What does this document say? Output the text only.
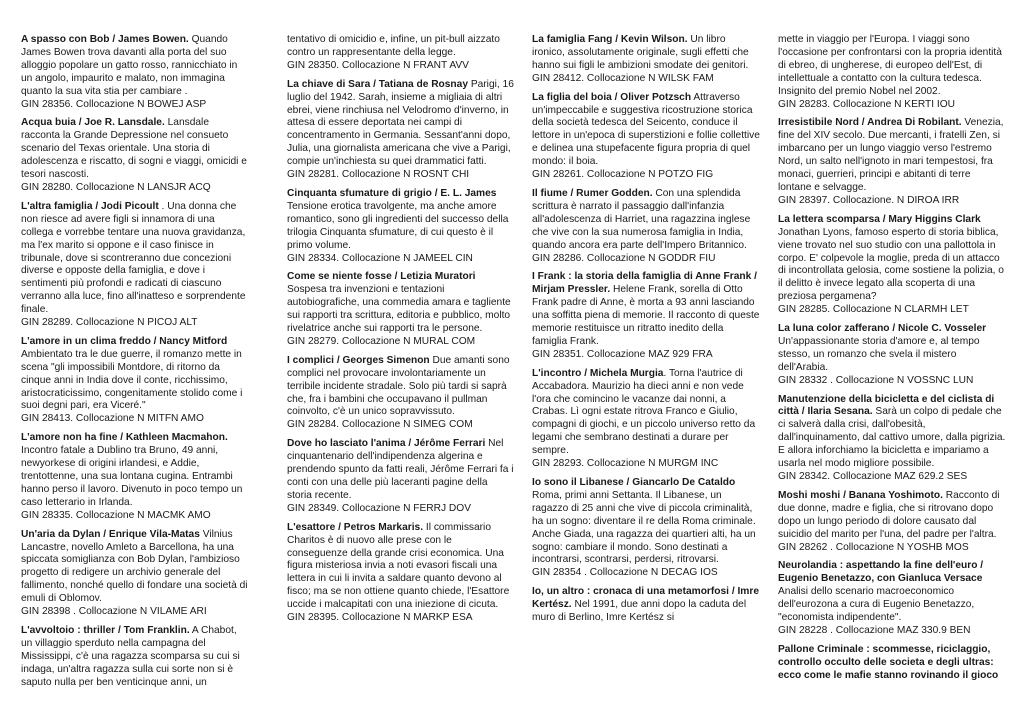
A spasso con Bob / James Bowen. Quando James Bowen trova davanti alla porta del suo alloggio popolare un gatto rosso, rannicchiato in un angolo, impaurito e malato, non immagina quanto la sua vita stia per cambiare .
GIN 28356. Collocazione N BOWEJ ASP
Acqua buia / Joe R. Lansdale. Lansdale racconta la Grande Depressione nel consueto scenario del Texas orientale. Una storia di adolescenza e riscatto, di sogni e viaggi, omicidi e tesori nascosti.
GIN 28280. Collocazione N LANSJR ACQ
L'altra famiglia / Jodi Picoult . Una donna che non riesce ad avere figli si innamora di una collega e vorrebbe tentare una nuova gravidanza, ma l'ex marito si oppone e il caso finisce in tribunale, dove si scontreranno due concezioni diverse e opposte della famiglia, e dove i sentimenti più profondi e radicati di ciascuno verranno alla luce, fino all'inatteso e sorprendente finale.
GIN 28289. Collocazione N PICOJ ALT
L'amore in un clima freddo / Nancy Mitford Ambientato tra le due guerre, il romanzo mette in scena "gli impossibili Montdore, di ritorno da cinque anni in India dove il conte, ricchissimo, aristocraticissimo, congenitamente stolido come i suoi degni pari, era Viceré."
GIN 28413. Collocazione N MITFN AMO
L'amore non ha fine / Kathleen Macmahon. Incontro fatale a Dublino tra Bruno, 49 anni, newyorkese di origini irlandesi, e Addie, trentottenne, una sua lontana cugina. Entrambi hanno perso il lavoro. Divenuto in poco tempo un caso letterario in Irlanda.
GIN 28335. Collocazione N MACMK AMO
Un'aria da Dylan / Enrique Vila-Matas Vilnius Lancastre, novello Amleto a Barcellona, ha una spiccata somiglianza con Bob Dylan, l'ambizioso progetto di redigere un archivio generale del fallimento, nonché quello di fondare una società di emuli di Oblomov.
GIN 28398 . Collocazione N VILAME ARI
L'avvoltoio : thriller / Tom Franklin. A Chabot, un villaggio sperduto nella campagna del Mississippi, c'è una ragazza scomparsa su cui si indaga, un'altra ragazza sulla cui sorte non si è saputo nulla per ben venticinque anni, un
tentativo di omicidio e, infine, un pit-bull aizzato contro un rappresentante della legge.
GIN 28350. Collocazione N FRANT AVV
La chiave di Sara / Tatiana de Rosnay Parigi, 16 luglio del 1942. Sarah, insieme a migliaia di altri ebrei, viene rinchiusa nel Velodromo d'inverno, in attesa di essere deportata nei campi di concentramento in Germania. Sessant'anni dopo, Julia, una giornalista americana che vive a Parigi, compie un'inchiesta su quei drammatici fatti.
GIN 28281. Collocazione N ROSNT CHI
Cinquanta sfumature di grigio / E. L. James Tensione erotica travolgente, ma anche amore romantico, sono gli ingredienti del successo della trilogia Cinquanta sfumature, di cui questo è il primo volume.
GIN 28334. Collocazione N JAMEEL CIN
Come se niente fosse / Letizia Muratori Sospesa tra invenzioni e tentazioni autobiografiche, una commedia amara e tagliente sui rapporti tra scrittura, editoria e pubblico, molto rivelatrice anche sui rapporti tra le persone.
GIN 28279. Collocazione N MURAL COM
I complici / Georges Simenon Due amanti sono complici nel provocare involontariamente un terribile incidente stradale. Solo più tardi si saprà che, fra i bambini che occupavano il pullman coinvolto, c'è un unico sopravvissuto.
GIN 28284. Collocazione N SIMEG COM
Dove ho lasciato l'anima / Jérôme Ferrari Nel cinquantenario dell'indipendenza algerina e prendendo spunto da fatti reali, Jérôme Ferrari fa i conti con una delle più laceranti pagine della storia recente.
GIN 28349. Collocazione N FERRJ DOV
L'esattore / Petros Markaris. Il commissario Charitos è di nuovo alle prese con le conseguenze della grande crisi economica. Una figura misteriosa invia a noti evasori fiscali una lettera in cui li invita a saldare quanto devono al fisco; ma se non ottiene quanto chiede, l'Esattore uccide i malcapitati con una iniezione di cicuta.
GIN 28395. Collocazione N MARKP ESA
La famiglia Fang / Kevin Wilson. Un libro ironico, assolutamente originale, sugli effetti che hanno sui figli le ambizioni smodate dei genitori.
GIN 28412. Collocazione N WILSK FAM
La figlia del boia / Oliver Potzsch Attraverso un'impeccabile e suggestiva ricostruzione storica della società tedesca del Seicento, conduce il lettore in un'epoca di superstizioni e follie collettive e delinea una stupefacente figura propria di quel mondo: il boia.
GIN 28261. Collocazione N POTZO FIG
Il fiume / Rumer Godden. Con una splendida scrittura è narrato il passaggio dall'infanzia all'adolescenza di Harriet, una ragazzina inglese che vive con la sua numerosa famiglia in India, quando ancora era parte dell'Impero Britannico.
GIN 28286. Collocazione N GODDR FIU
I Frank : la storia della famiglia di Anne Frank / Mirjam Pressler. Helene Frank, sorella di Otto Frank padre di Anne, è morta a 93 anni lasciando una soffitta piena di memorie. Il racconto di queste memorie restituisce un ritratto inedito della famiglia Frank.
GIN 28351. Collocazione MAZ 929 FRA
L'incontro / Michela Murgia. Torna l'autrice di Accabadora. Maurizio ha dieci anni e non vede l'ora che comincino le vacanze dai nonni, a Crabas. Lì ogni estate ritrova Franco e Giulio, compagni di giochi, e un piccolo universo retto da legami che sembrano destinati a durare per sempre.
GIN 28293. Collocazione N MURGM INC
Io sono il Libanese / Giancarlo De Cataldo Roma, primi anni Settanta. Il Libanese, un ragazzo di 25 anni che vive di piccola criminalità, ha un sogno: diventare il re della Roma criminale. Anche Giada, una ragazza dei quartieri alti, ha un sogno: cambiare il mondo. Sono destinati a incontrarsi, scontrarsi, perdersi, ritrovarsi.
GIN 28354 . Collocazione N DECAG IOS
Io, un altro : cronaca di una metamorfosi / Imre Kertész. Nel 1991, due anni dopo la caduta del muro di Berlino, Imre Kertész si
mette in viaggio per l'Europa. I viaggi sono l'occasione per confrontarsi con la propria identità di ebreo, di ungherese, di europeo dell'Est, di intellettuale a contatto con la cultura tedesca. Insignito del premio Nobel nel 2002.
GIN 28283. Collocazione N KERTI IOU
Irresistibile Nord / Andrea Di Robilant. Venezia, fine del XIV secolo. Due mercanti, i fratelli Zen, si imbarcano per un lungo viaggio verso l'estremo Nord, un salto nell'ignoto in mari tempestosi, fra monaci, guerrieri, principi e abitanti di terre lontane e selvagge.
GIN 28397. Collocazione. N DIROA IRR
La lettera scomparsa / Mary Higgins Clark Jonathan Lyons, famoso esperto di storia biblica, viene trovato nel suo studio con una pallottola in corpo. E' colpevole la moglie, preda di un attacco di incontrollata gelosia, come sostiene la polizia, o il delitto è invece legato alla scoperta di una preziosa pergamena?
GIN 28285. Collocazione N CLARMH LET
La luna color zafferano / Nicole C. Vosseler Un'appassionante storia d'amore e, al tempo stesso, un romanzo che svela il mistero dell'Arabia.
GIN 28332 . Collocazione N VOSSNC LUN
Manutenzione della bicicletta e del ciclista di città / Ilaria Sesana. Sarà un colpo di pedale che ci salverà dalla crisi, dall'obesità, dall'inquinamento, dal cattivo umore, dalla pigrizia. E allora inforchiamo la bicicletta e impariamo a usarla nel modo migliore possibile.
GIN 28342. Collocazione MAZ 629.2 SES
Moshi moshi / Banana Yoshimoto. Racconto di due donne, madre e figlia, che si ritrovano dopo dopo un lungo periodo di dolore causato dal suicidio del marito per l'una, del padre per l'altra.
GIN 28262 . Collocazione N YOSHB MOS
Neurolandia : aspettando la fine dell'euro / Eugenio Benetazzo, con Gianluca Versace Analisi dello scenario macroeconomico dell'eurozona a cura di Eugenio Benetazzo, "economista indipendente".
GIN 28228 . Collocazione MAZ 330.9 BEN
Pallone Criminale : scommesse, riciclaggio, controllo occulto delle societa e degli ultras: ecco come le mafie stanno rovinando il gioco
